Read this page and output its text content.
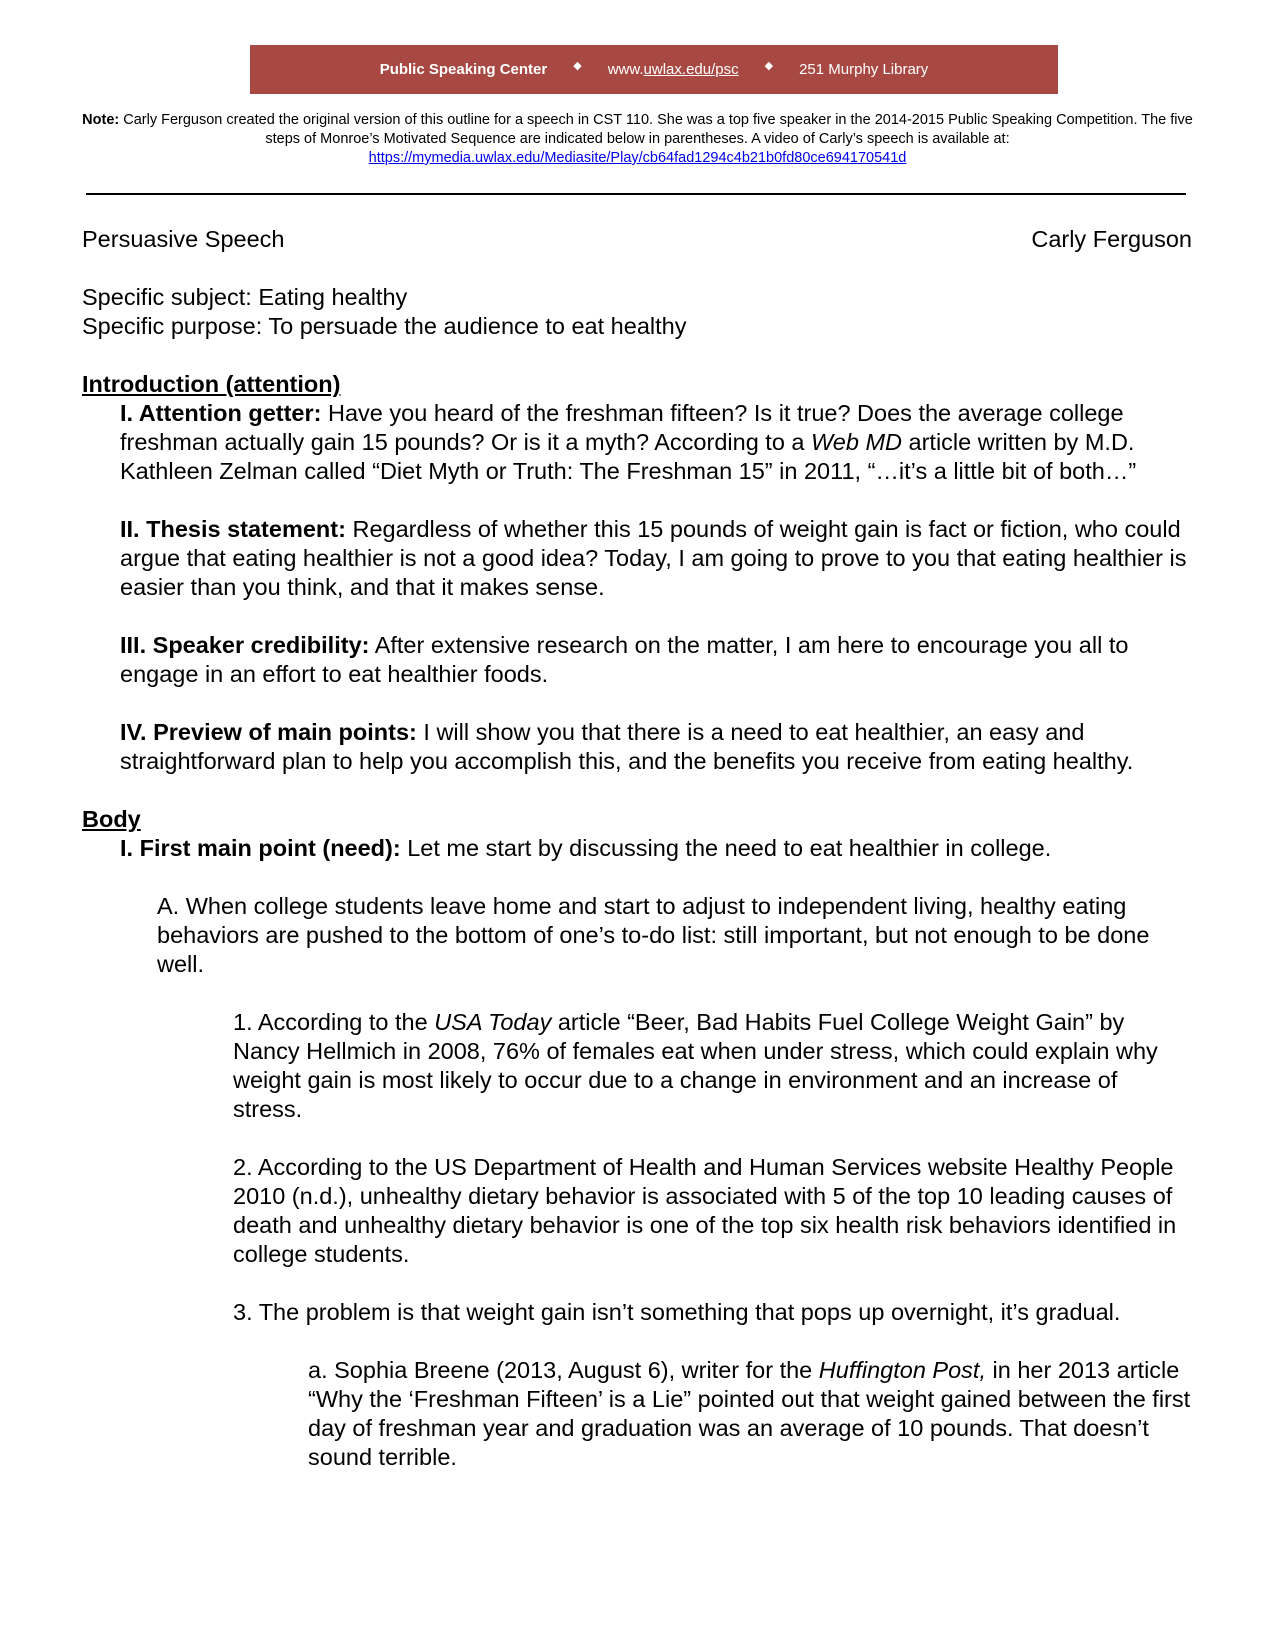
Public Speaking Center ◆ www.uwlax.edu/psc ◆ 251 Murphy Library
Note: Carly Ferguson created the original version of this outline for a speech in CST 110. She was a top five speaker in the 2014-2015 Public Speaking Competition. The five steps of Monroe’s Motivated Sequence are indicated below in parentheses. A video of Carly’s speech is available at:
https://mymedia.uwlax.edu/Mediasite/Play/cb64fad1294c4b21b0fd80ce694170541d
Persuasive Speech	Carly Ferguson

Specific subject: Eating healthy

Specific purpose: To persuade the audience to eat healthy

Introduction (attention)

I. Attention getter: Have you heard of the freshman fifteen? Is it true? Does the average college freshman actually gain 15 pounds? Or is it a myth? According to a Web MD article written by M.D. Kathleen Zelman called “Diet Myth or Truth: The Freshman 15” in 2011, “…it’s a little bit of both…”

II. Thesis statement: Regardless of whether this 15 pounds of weight gain is fact or fiction, who could argue that eating healthier is not a good idea? Today, I am going to prove to you that eating healthier is easier than you think, and that it makes sense.

III. Speaker credibility: After extensive research on the matter, I am here to encourage you all to engage in an effort to eat healthier foods.

IV. Preview of main points: I will show you that there is a need to eat healthier, an easy and straightforward plan to help you accomplish this, and the benefits you receive from eating healthy.

Body

I. First main point (need): Let me start by discussing the need to eat healthier in college.

A. When college students leave home and start to adjust to independent living, healthy eating behaviors are pushed to the bottom of one’s to-do list: still important, but not enough to be done well.

1. According to the USA Today article “Beer, Bad Habits Fuel College Weight Gain” by Nancy Hellmich in 2008, 76% of females eat when under stress, which could explain why weight gain is most likely to occur due to a change in environment and an increase of stress.

2. According to the US Department of Health and Human Services website Healthy People 2010 (n.d.), unhealthy dietary behavior is associated with 5 of the top 10 leading causes of death and unhealthy dietary behavior is one of the top six health risk behaviors identified in college students.

3. The problem is that weight gain isn’t something that pops up overnight, it’s gradual.

a. Sophia Breene (2013, August 6), writer for the Huffington Post, in her 2013 article “Why the ‘Freshman Fifteen’ is a Lie” pointed out that weight gained between the first day of freshman year and graduation was an average of 10 pounds. That doesn’t sound terrible.
